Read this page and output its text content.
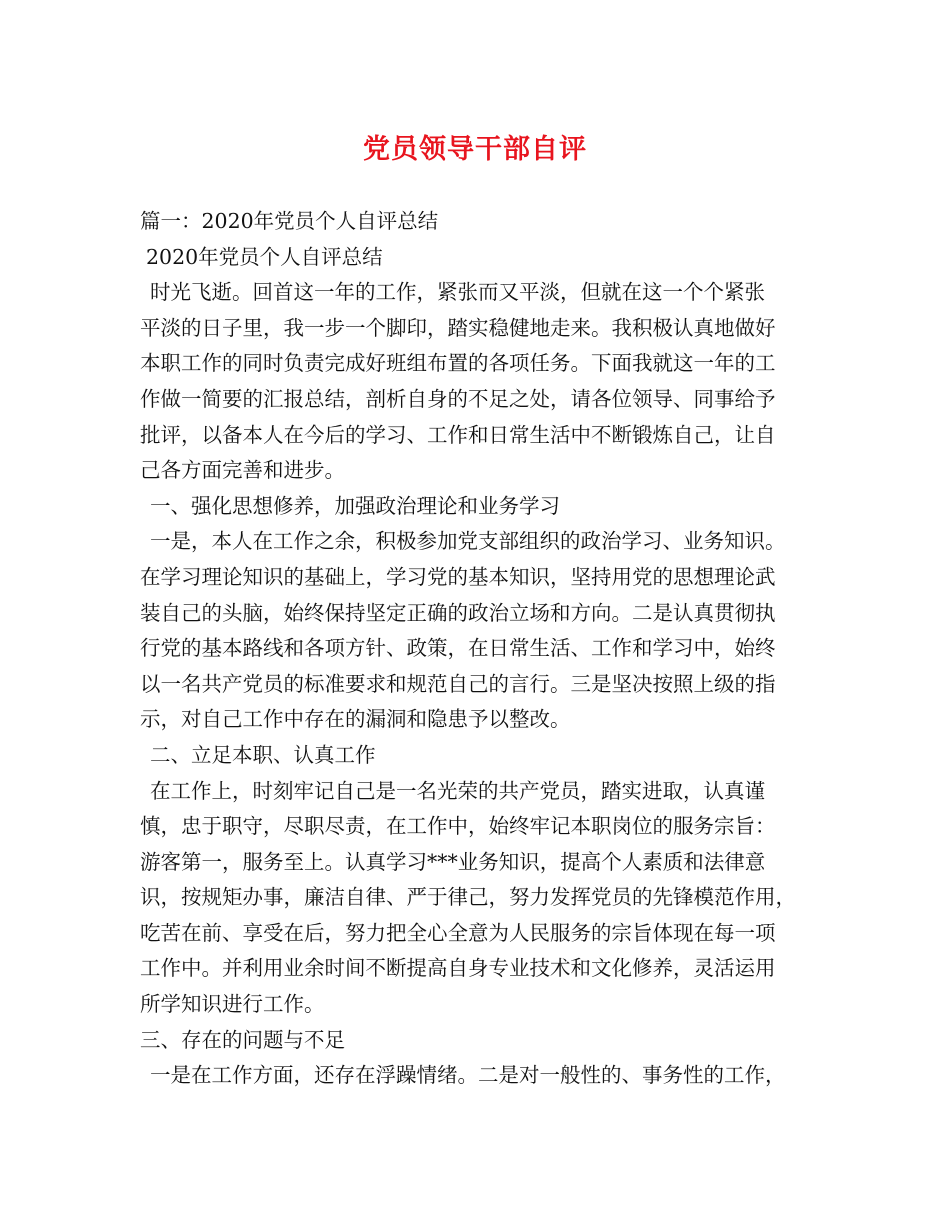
党员领导干部自评
篇一：2020年党员个人自评总结
2020年党员个人自评总结
时光飞逝。回首这一年的工作，紧张而又平淡，但就在这一个个紧张
平淡的日子里，我一步一个脚印，踏实稳健地走来。我积极认真地做好
本职工作的同时负责完成好班组布置的各项任务。下面我就这一年的工
作做一简要的汇报总结，剖析自身的不足之处，请各位领导、同事给予
批评，以备本人在今后的学习、工作和日常生活中不断锻炼自己，让自
己各方面完善和进步。
一、强化思想修养，加强政治理论和业务学习
一是，本人在工作之余，积极参加党支部组织的政治学习、业务知识。
在学习理论知识的基础上，学习党的基本知识，坚持用党的思想理论武
装自己的头脑，始终保持坚定正确的政治立场和方向。二是认真贯彻执
行党的基本路线和各项方针、政策，在日常生活、工作和学习中，始终
以一名共产党员的标准要求和规范自己的言行。三是坚决按照上级的指
示，对自己工作中存在的漏洞和隐患予以整改。
二、立足本职、认真工作
在工作上，时刻牢记自己是一名光荣的共产党员，踏实进取，认真谨
慎，忠于职守，尽职尽责，在工作中，始终牢记本职岗位的服务宗旨：
游客第一，服务至上。认真学习***业务知识，提高个人素质和法律意
识，按规矩办事，廉洁自律、严于律己，努力发挥党员的先锋模范作用，
吃苦在前、享受在后，努力把全心全意为人民服务的宗旨体现在每一项
工作中。并利用业余时间不断提高自身专业技术和文化修养，灵活运用
所学知识进行工作。
三、存在的问题与不足
一是在工作方面，还存在浮躁情绪。二是对一般性的、事务性的工作，
